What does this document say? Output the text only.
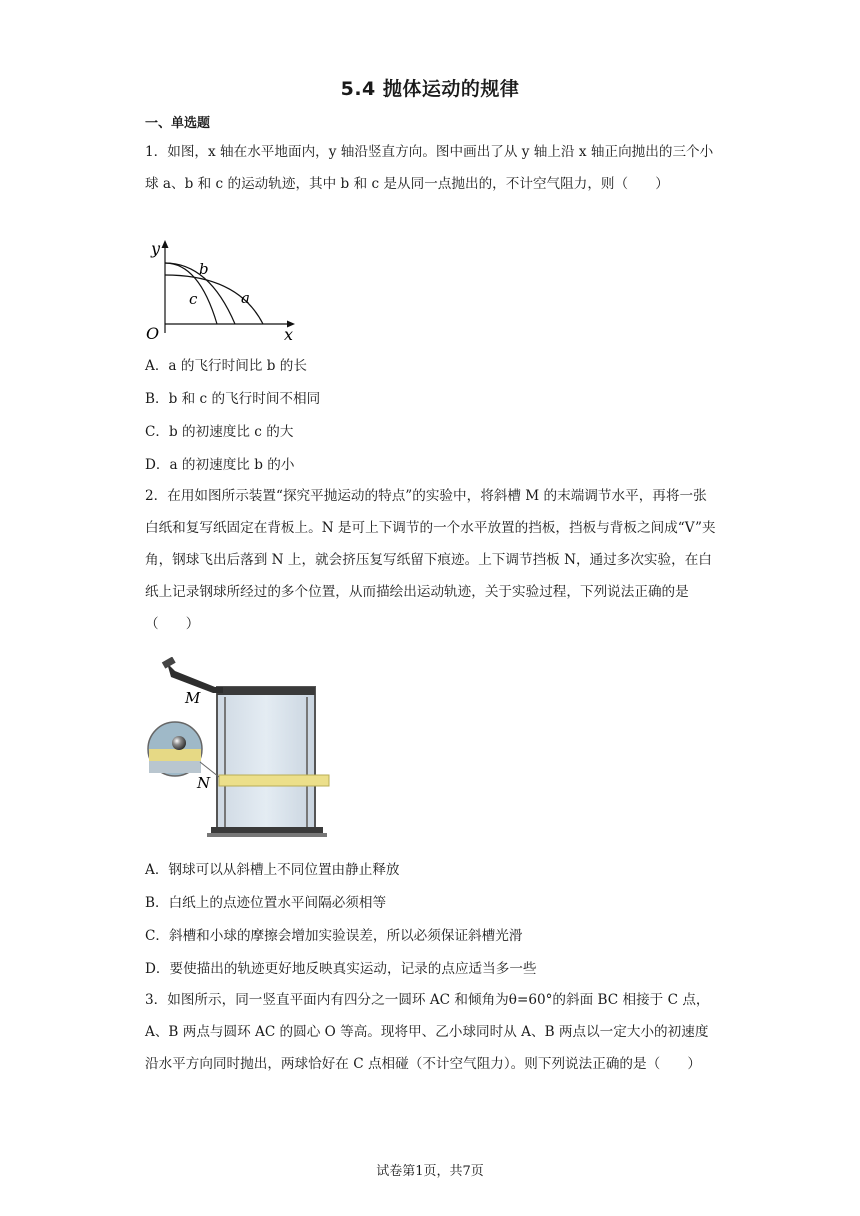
5.4 抛体运动的规律
一、单选题

1．如图，x 轴在水平地面内，y 轴沿竖直方向。图中画出了从 y 轴上沿 x 轴正向抛出的三个小球 a、b 和 c 的运动轨迹，其中 b 和 c 是从同一点抛出的，不计空气阻力，则（　　）

y
b
c	a
O	x
A．a 的飞行时间比 b 的长
B．b 和 c 的飞行时间不相同
C．b 的初速度比 c 的大
D．a 的初速度比 b 的小

2．在用如图所示装置“探究平抛运动的特点”的实验中，将斜槽 M 的末端调节水平，再将一张白纸和复写纸固定在背板上。N 是可上下调节的一个水平放置的挡板，挡板与背板之间成“V”夹角，钢球飞出后落到 N 上，就会挤压复写纸留下痕迹。上下调节挡板 N，通过多次实验，在白纸上记录钢球所经过的多个位置，从而描绘出运动轨迹，关于实验过程，下列说法正确的是（　　）

M
N
A．钢球可以从斜槽上不同位置由静止释放
B．白纸上的点迹位置水平间隔必须相等
C．斜槽和小球的摩擦会增加实验误差，所以必须保证斜槽光滑
D．要使描出的轨迹更好地反映真实运动，记录的点应适当多一些

3．如图所示，同一竖直平面内有四分之一圆环 AC 和倾角为θ=60°的斜面 BC 相接于 C 点，A、B 两点与圆环 AC 的圆心 O 等高。现将甲、乙小球同时从 A、B 两点以一定大小的初速度沿水平方向同时抛出，两球恰好在 C 点相碰（不计空气阻力）。则下列说法正确的是（　　）

试卷第1页，共7页
